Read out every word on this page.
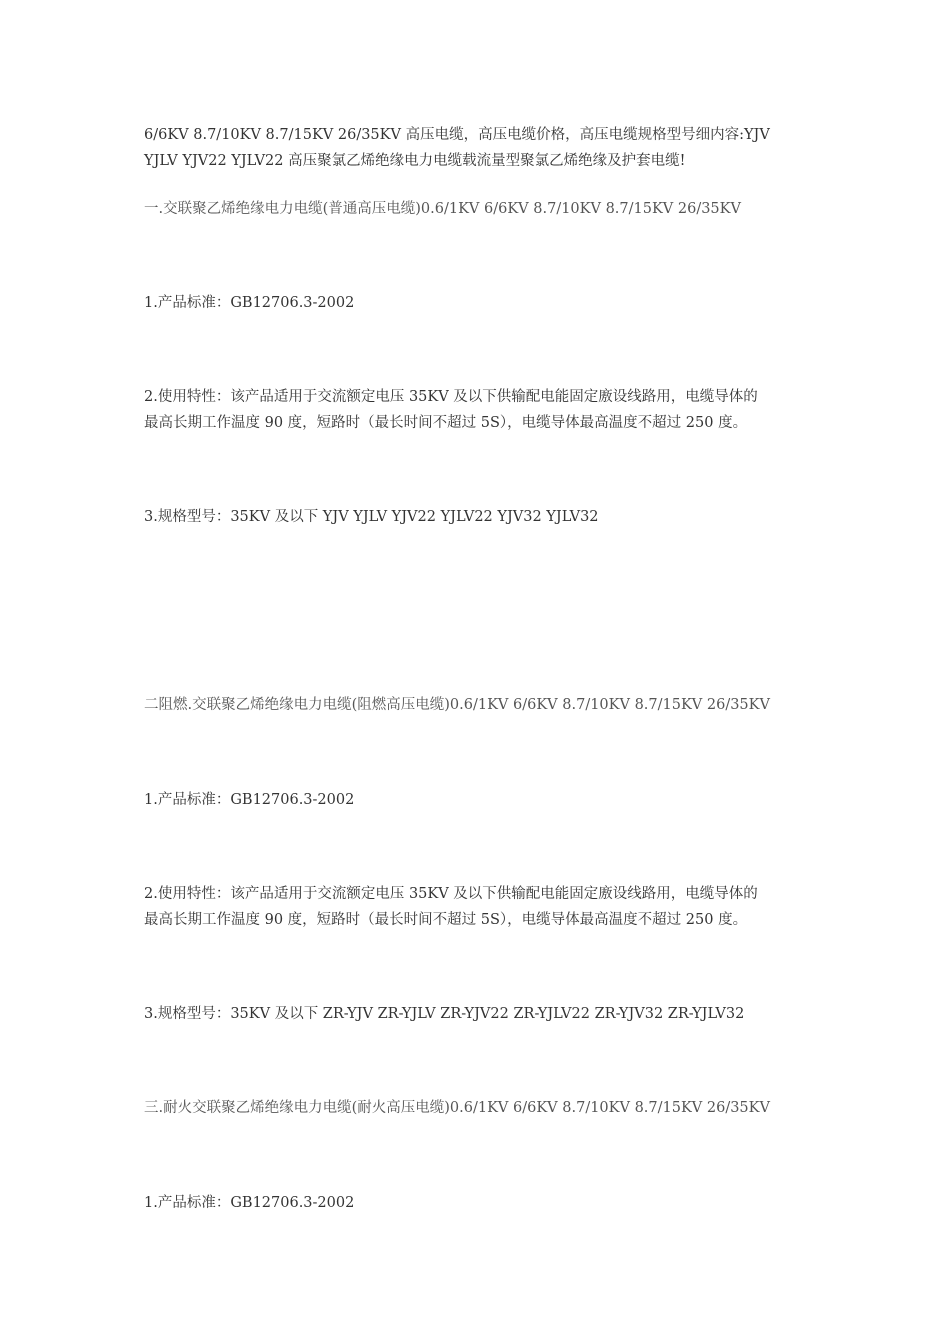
6/6KV 8.7/10KV 8.7/15KV 26/35KV 高压电缆，高压电缆价格，高压电缆规格型号细内容:YJV
YJLV YJV22 YJLV22 高压聚氯乙烯绝缘电力电缆载流量型聚氯乙烯绝缘及护套电缆!
一.交联聚乙烯绝缘电力电缆(普通高压电缆)0.6/1KV 6/6KV 8.7/10KV 8.7/15KV 26/35KV
1.产品标准：GB12706.3-2002
2.使用特性：该产品适用于交流额定电压 35KV 及以下供输配电能固定廒设线路用，电缆导体的
最高长期工作温度 90 度，短路时（最长时间不超过 5S），电缆导体最高温度不超过 250 度。
3.规格型号：35KV 及以下 YJV YJLV YJV22 YJLV22 YJV32 YJLV32
二阻燃.交联聚乙烯绝缘电力电缆(阻燃高压电缆)0.6/1KV 6/6KV 8.7/10KV 8.7/15KV 26/35KV
1.产品标准：GB12706.3-2002
2.使用特性：该产品适用于交流额定电压 35KV 及以下供输配电能固定廒设线路用，电缆导体的
最高长期工作温度 90 度，短路时（最长时间不超过 5S），电缆导体最高温度不超过 250 度。
3.规格型号：35KV 及以下 ZR-YJV ZR-YJLV ZR-YJV22 ZR-YJLV22 ZR-YJV32 ZR-YJLV32
三.耐火交联聚乙烯绝缘电力电缆(耐火高压电缆)0.6/1KV 6/6KV 8.7/10KV 8.7/15KV 26/35KV
1.产品标准：GB12706.3-2002
